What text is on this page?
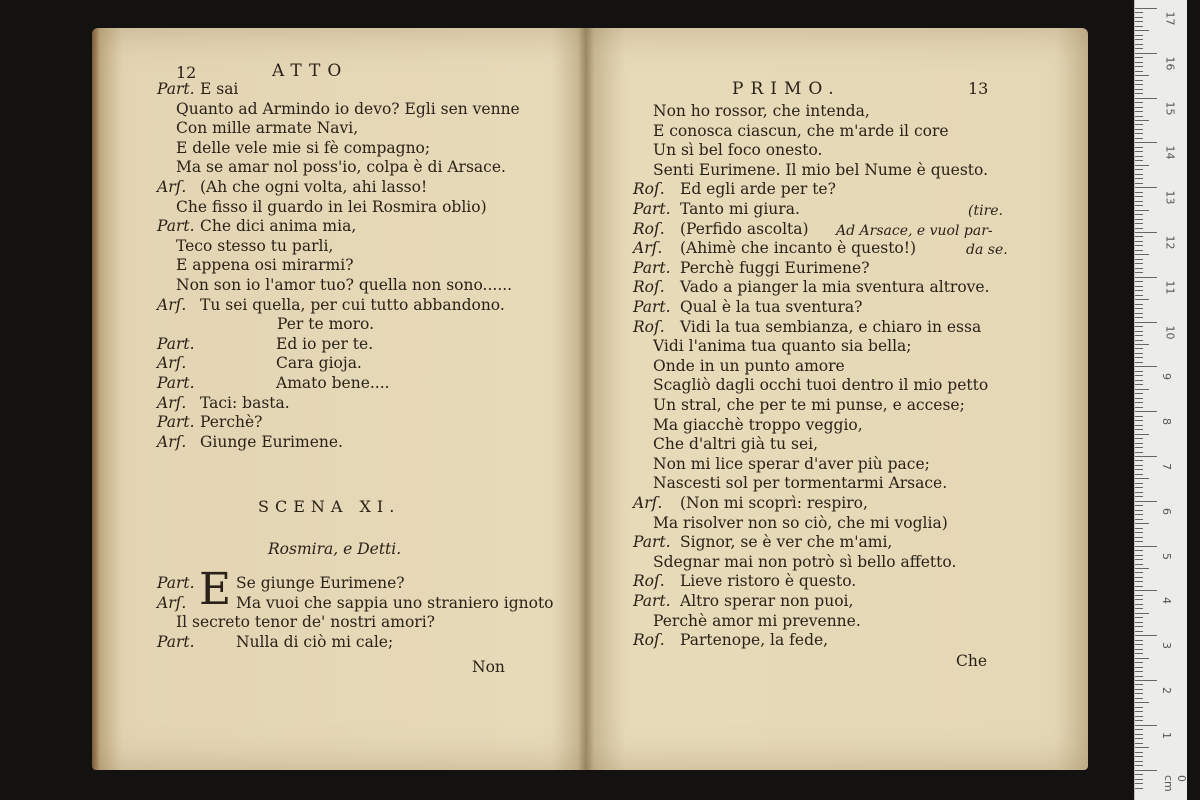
12	ATTO
Part. E sai
Quanto ad Armindo io devo? Egli sen venne
Con mille armate Navi,
E delle vele mie si fè compagno;
Ma se amar nol poss'io, colpa è di Arsace.
Arſ. (Ah che ogni volta, ahi lasso!
Che fisso il guardo in lei Rosmira oblio)
Part. Che dici anima mia,
Teco stesso tu parli,
E appena osi mirarmi?
Non son io l'amor tuo? quella non sono......
Arſ. Tu sei quella, per cui tutto abbandono.
Per te moro.
Part.	Ed io per te.
Arſ.	Cara gioja.
Part.	Amato bene....
Arſ. Taci: basta.
Part. Perchè?
Arſ. Giunge Eurimene.
SCENA XI.
Rosmira, e Detti.
E
Part.	Se giunge Eurimene?
Arſ.	Ma vuoi che sappia uno straniero ignoto
Il secreto tenor de' nostri amori?
Part.	Nulla di ciò mi cale;
Non
PRIMO.	13
Non ho rossor, che intenda,
E conosca ciascun, che m'arde il core
Un sì bel foco onesto.
Senti Eurimene. Il mio bel Nume è questo.
Roſ. Ed egli arde per te?
Part. Tanto mi giura.
Roſ. (Perfido ascolta)
Arſ. (Ahimè che incanto è questo!)
Part. Perchè fuggi Eurimene?
Roſ. Vado a pianger la mia sventura altrove.
Part. Qual è la tua sventura?
Roſ. Vidi la tua sembianza, e chiaro in essa
Vidi l'anima tua quanto sia bella;
Onde in un punto amore
Scagliò dagli occhi tuoi dentro il mio petto
Un stral, che per te mi punse, e accese;
Ma giacchè troppo veggio,
Che d'altri già tu sei,
Non mi lice sperar d'aver più pace;
Nascesti sol per tormentarmi Arsace.
Arſ. (Non mi scoprì: respiro,
Ma risolver non so ciò, che mi voglia)
Part. Signor, se è ver che m'ami,
Sdegnar mai non potrò sì bello affetto.
Roſ. Lieve ristoro è questo.
Part. Altro sperar non puoi,
Perchè amor mi prevenne.
Roſ. Partenope, la fede,
(tire.
Ad Arsace, e vuol par-
da se.
Che
17
16
15
14
13
12
11
10
9
8
7
6
5
4
3
2
1
0 cm
